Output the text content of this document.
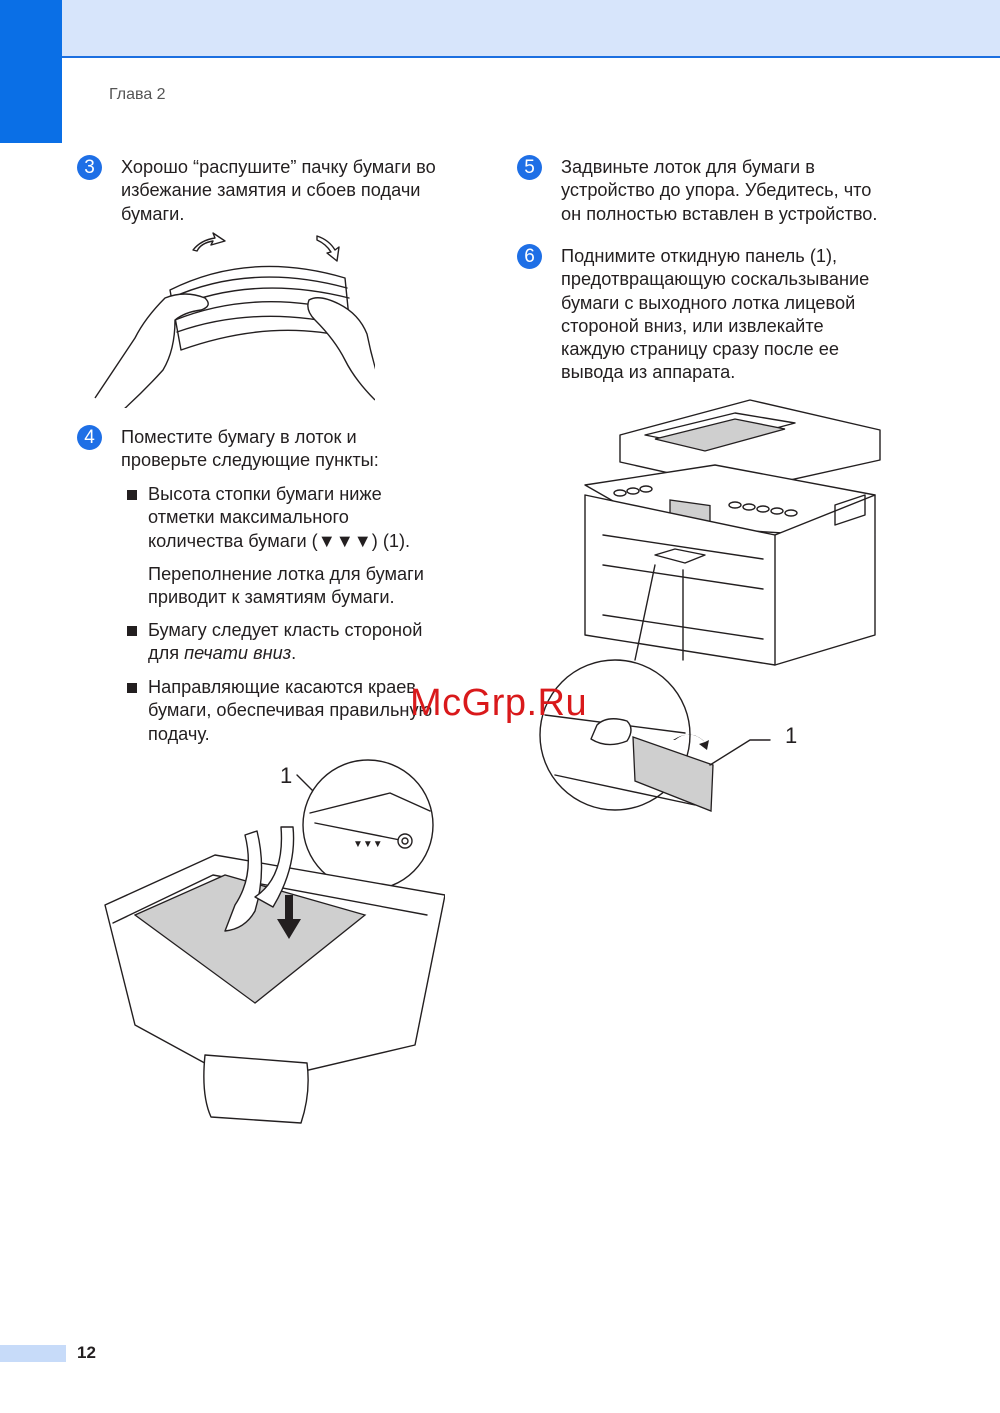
Глава 2
3	Хорошо “распушите” пачку бумаги во
избежание замятия и сбоев подачи
бумаги.
4	Поместите бумагу в лоток и
проверьте следующие пункты:
Высота стопки бумаги ниже
отметки максимального
количества бумаги (▼▼▼) (1).
Переполнение лотка для бумаги
приводит к замятиям бумаги.
Бумагу следует класть стороной
для печати вниз.
Направляющие касаются краев
бумаги, обеспечивая правильную
подачу.
1
▼▼▼
5	Задвиньте лоток для бумаги в
устройство до упора. Убедитесь, что
он полностью вставлен в устройство.
6	Поднимите откидную панель (1),
предотвращающую соскальзывание
бумаги с выходного лотка лицевой
стороной вниз, или извлекайте
каждую страницу сразу после ее
вывода из аппарата.
1
McGrp.Ru
12
